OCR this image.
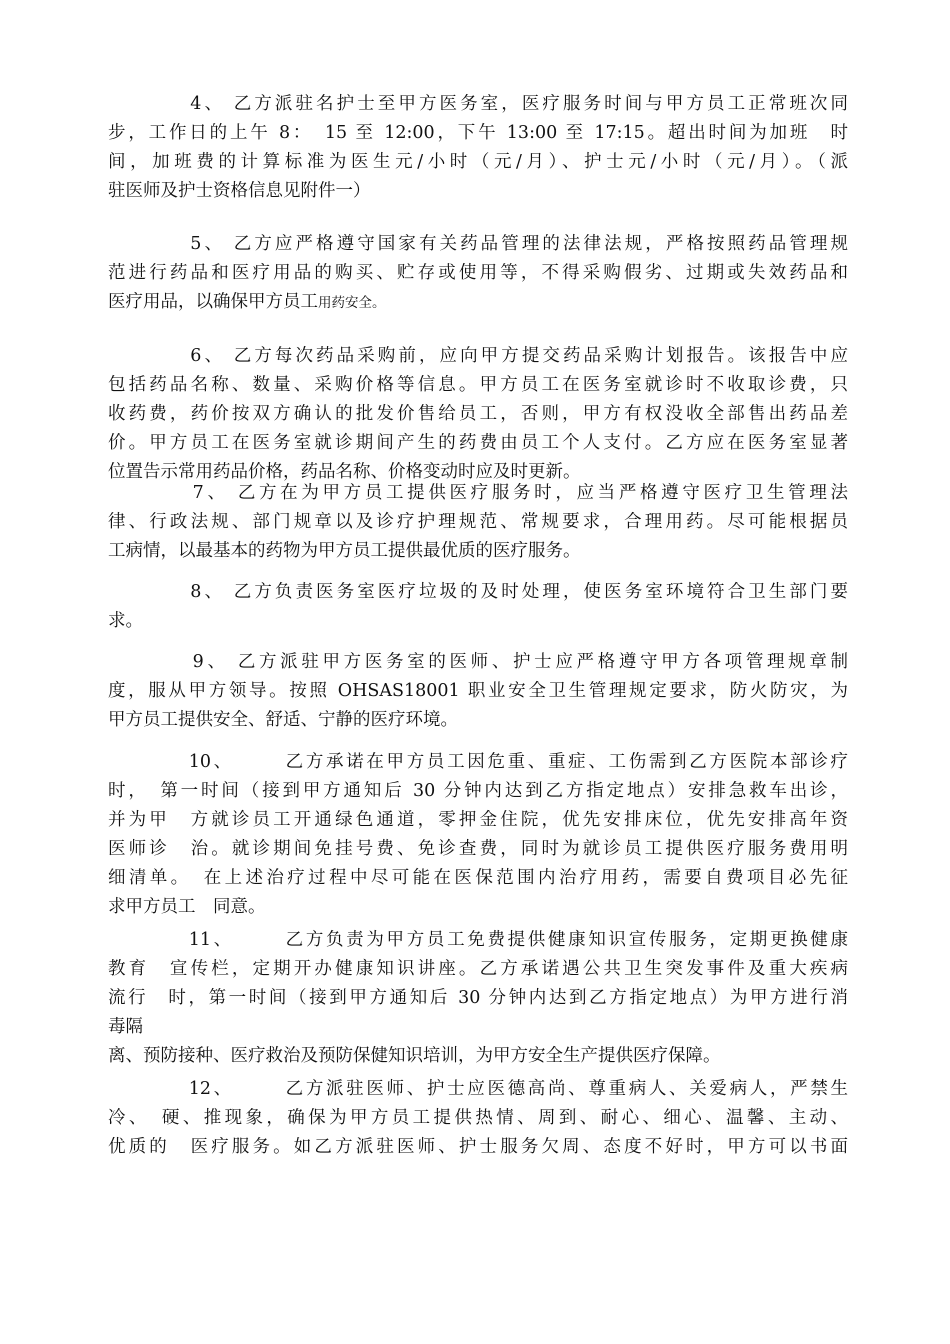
　　　　4、 乙方派驻名护士至甲方医务室，医疗服务时间与甲方员工正常班次同
步，工作日的上午 8：　15 至 12:00，下午 13:00 至 17:15。超出时间为加班　时
间，加班费的计算标准为医生元/小时（元/月）、护士元/小时（元/月）。（派
驻医师及护士资格信息见附件一）
　　　　5、 乙方应严格遵守国家有关药品管理的法律法规，严格按照药品管理规
范进行药品和医疗用品的购买、贮存或使用等，不得采购假劣、过期或失效药品和
医疗用品，以确保甲方员工用药安全。
　　　　6、 乙方每次药品采购前，应向甲方提交药品采购计划报告。该报告中应
包括药品名称、数量、采购价格等信息。甲方员工在医务室就诊时不收取诊费，只
收药费，药价按双方确认的批发价售给员工，否则，甲方有权没收全部售出药品差
价。甲方员工在医务室就诊期间产生的药费由员工个人支付。乙方应在医务室显著
位置告示常用药品价格，药品名称、价格变动时应及时更新。
　　　　7、 乙方在为甲方员工提供医疗服务时，应当严格遵守医疗卫生管理法
律、行政法规、部门规章以及诊疗护理规范、常规要求，合理用药。尽可能根据员
工病情，以最基本的药物为甲方员工提供最优质的医疗服务。
　　　　8、 乙方负责医务室医疗垃圾的及时处理，使医务室环境符合卫生部门要
求。
　　　　9、 乙方派驻甲方医务室的医师、护士应严格遵守甲方各项管理规章制
度，服从甲方领导。按照 OHSAS18001 职业安全卫生管理规定要求，防火防灾，为
甲方员工提供安全、舒适、宁静的医疗环境。
　　　　10、　　　乙方承诺在甲方员工因危重、重症、工伤需到乙方医院本部诊疗
时，　第一时间（接到甲方通知后 30 分钟内达到乙方指定地点）安排急救车出诊，
并为甲　方就诊员工开通绿色通道，零押金住院，优先安排床位，优先安排高年资
医师诊　治。就诊期间免挂号费、免诊查费，同时为就诊员工提供医疗服务费用明
细清单。　在上述治疗过程中尽可能在医保范围内治疗用药，需要自费项目必先征
求甲方员工　同意。
　　　　11、　　　乙方负责为甲方员工免费提供健康知识宣传服务，定期更换健康
教育　宣传栏，定期开办健康知识讲座。乙方承诺遇公共卫生突发事件及重大疾病
流行　时，第一时间（接到甲方通知后 30 分钟内达到乙方指定地点）为甲方进行消
毒隔
离、预防接种、医疗救治及预防保健知识培训，为甲方安全生产提供医疗保障。
　　　　12、　　　乙方派驻医师、护士应医德高尚、尊重病人、关爱病人，严禁生
冷、　硬、推现象，确保为甲方员工提供热情、周到、耐心、细心、温馨、主动、
优质的　医疗服务。如乙方派驻医师、护士服务欠周、态度不好时，甲方可以书面
